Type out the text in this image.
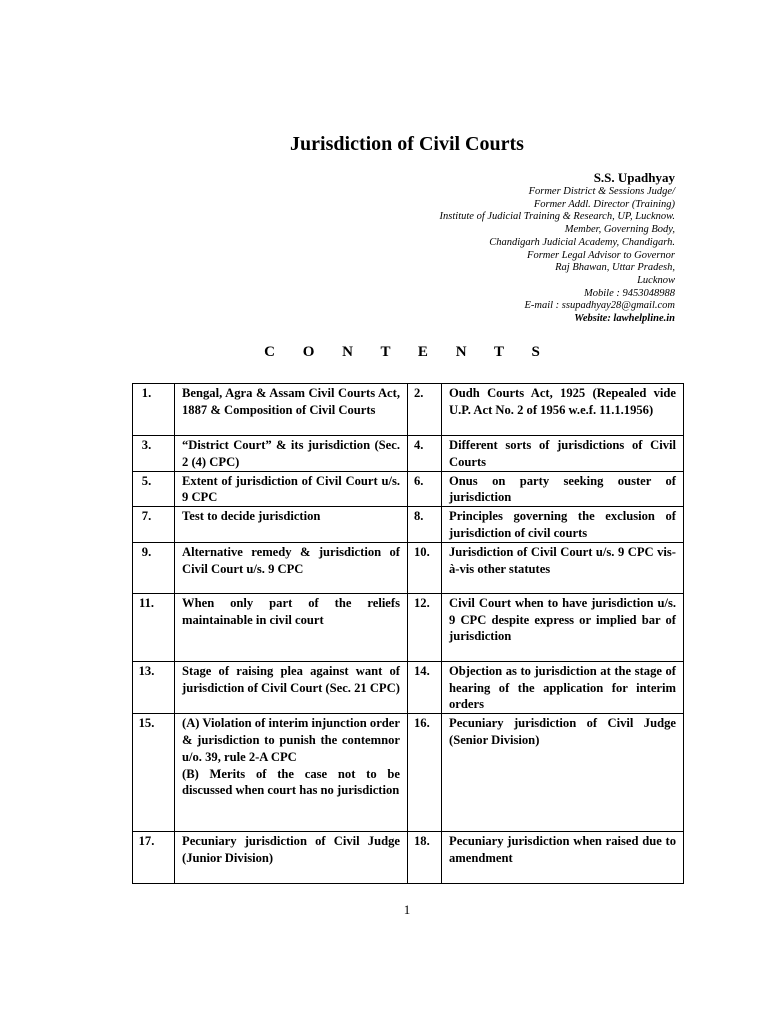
Jurisdiction of Civil Courts
S.S. Upadhyay
Former District & Sessions Judge/
Former Addl. Director (Training)
Institute of Judicial Training & Research, UP, Lucknow.
Member, Governing Body,
Chandigarh Judicial Academy, Chandigarh.
Former Legal Advisor to Governor
Raj Bhawan, Uttar Pradesh,
Lucknow
Mobile : 9453048988
E-mail : ssupadhyay28@gmail.com
Website: lawhelpline.in
C O N T E N T S
1.	Bengal, Agra & Assam Civil Courts Act, 1887 & Composition of Civil Courts	2.	Oudh Courts Act, 1925 (Repealed vide U.P. Act No. 2 of 1956 w.e.f. 11.1.1956)
3.	“District Court” & its jurisdiction (Sec. 2 (4) CPC)	4.	Different sorts of jurisdictions of Civil Courts
5.	Extent of jurisdiction of Civil Court u/s. 9 CPC	6.	Onus on party seeking ouster of jurisdiction
7.	Test to decide jurisdiction	8.	Principles governing the exclusion of jurisdiction of civil courts
9.	Alternative remedy & jurisdiction of Civil Court u/s. 9 CPC	10.	Jurisdiction of Civil Court u/s. 9 CPC vis-à-vis other statutes
11.	When only part of the reliefs maintainable in civil court	12.	Civil Court when to have jurisdiction u/s. 9 CPC despite express or implied bar of jurisdiction
13.	Stage of raising plea against want of jurisdiction of Civil Court (Sec. 21 CPC)	14.	Objection as to jurisdiction at the stage of hearing of the application for interim orders
15.	(A) Violation of interim injunction order & jurisdiction to punish the contemnor u/o. 39, rule 2-A CPC
(B) Merits of the case not to be discussed when court has no jurisdiction	16.	Pecuniary jurisdiction of Civil Judge (Senior Division)
17.	Pecuniary jurisdiction of Civil Judge (Junior Division)	18.	Pecuniary jurisdiction when raised due to amendment
1
